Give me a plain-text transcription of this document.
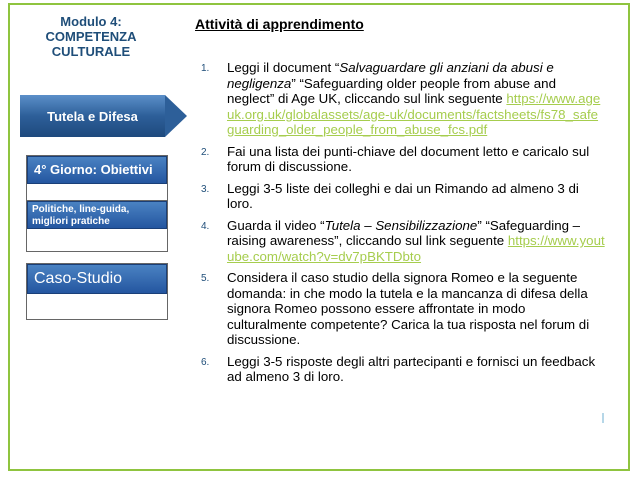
Modulo 4:
COMPETENZA
CULTURALE
Tutela e Difesa
4° Giorno: Obiettivi
Politiche, line-guida, migliori pratiche
Caso-Studio
Attività di apprendimento
1. Leggi il document “Salvaguardare gli anziani da abusi e negligenza” “Safeguarding older people from abuse and neglect” di Age UK, cliccando sul link seguente https://www.ageuk.org.uk/globalassets/age-uk/documents/factsheets/fs78_safeguarding_older_people_from_abuse_fcs.pdf
2. Fai una lista dei punti-chiave del document letto e caricalo sul forum di discussione.
3. Leggi 3-5 liste dei colleghi e dai un Rimando ad almeno 3 di loro.
4. Guarda il video “Tutela – Sensibilizzazione” “Safeguarding – raising awareness”, cliccando sul link seguente https://www.youtube.com/watch?v=dv7pBKTDbto
5. Considera il caso studio della signora Romeo e la seguente domanda: in che modo la tutela e la mancanza di difesa della signora Romeo possono essere affrontate in modo culturalmente competente? Carica la tua risposta nel forum di discussione.
6. Leggi 3-5 risposte degli altri partecipanti e fornisci un feedback ad almeno 3 di loro.
